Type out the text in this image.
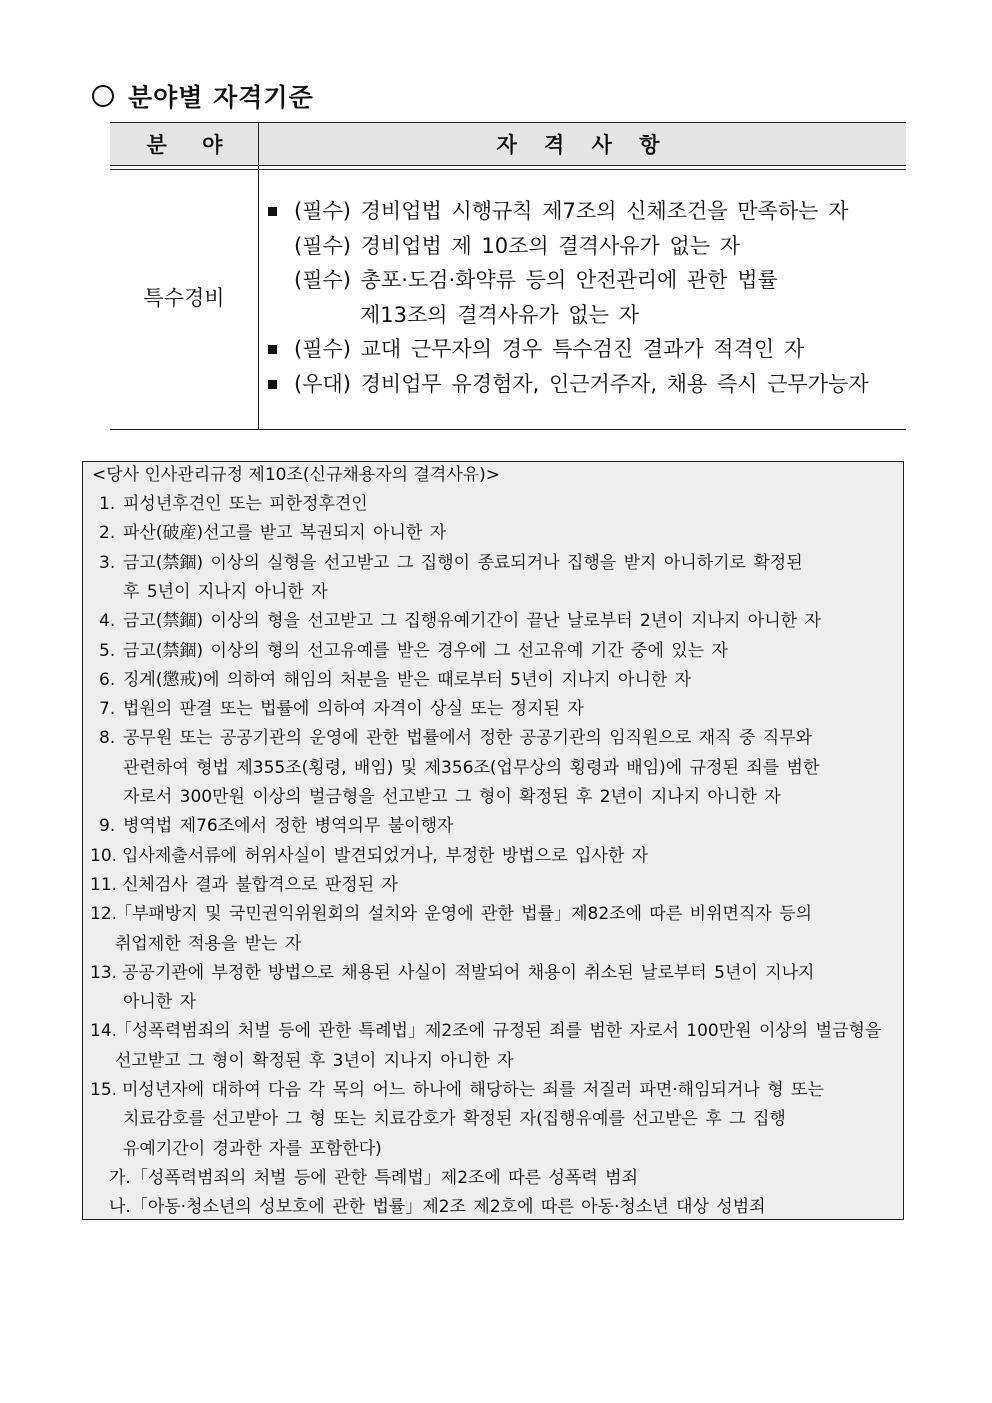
분야별 자격기준
분 야	자 격 사 항
특수경비
(필수) 경비업법 시행규칙 제7조의 신체조건을 만족하는 자
(필수) 경비업법 제 10조의 결격사유가 없는 자
(필수) 총포·도검·화약류 등의 안전관리에 관한 법률
제13조의 결격사유가 없는 자
(필수) 교대 근무자의 경우 특수검진 결과가 적격인 자
(우대) 경비업무 유경험자, 인근거주자, 채용 즉시 근무가능자
<당사 인사관리규정 제10조(신규채용자의 결격사유)>
1. 피성년후견인 또는 피한정후견인
2. 파산(破産)선고를 받고 복권되지 아니한 자
3. 금고(禁錮) 이상의 실형을 선고받고 그 집행이 종료되거나 집행을 받지 아니하기로 확정된
후 5년이 지나지 아니한 자
4. 금고(禁錮) 이상의 형을 선고받고 그 집행유예기간이 끝난 날로부터 2년이 지나지 아니한 자
5. 금고(禁錮) 이상의 형의 선고유예를 받은 경우에 그 선고유예 기간 중에 있는 자
6. 징계(懲戒)에 의하여 해임의 처분을 받은 때로부터 5년이 지나지 아니한 자
7. 법원의 판결 또는 법률에 의하여 자격이 상실 또는 정지된 자
8. 공무원 또는 공공기관의 운영에 관한 법률에서 정한 공공기관의 임직원으로 재직 중 직무와
관련하여 형법 제355조(횡령, 배임) 및 제356조(업무상의 횡령과 배임)에 규정된 죄를 범한
자로서 300만원 이상의 벌금형을 선고받고 그 형이 확정된 후 2년이 지나지 아니한 자
9. 병역법 제76조에서 정한 병역의무 불이행자
10. 입사제출서류에 허위사실이 발견되었거나, 부정한 방법으로 입사한 자
11. 신체검사 결과 불합격으로 판정된 자
12.「부패방지 및 국민권익위원회의 설치와 운영에 관한 법률」제82조에 따른 비위면직자 등의
취업제한 적용을 받는 자
13. 공공기관에 부정한 방법으로 채용된 사실이 적발되어 채용이 취소된 날로부터 5년이 지나지
아니한 자
14.「성폭력범죄의 처벌 등에 관한 특례법」제2조에 규정된 죄를 범한 자로서 100만원 이상의 벌금형을
선고받고 그 형이 확정된 후 3년이 지나지 아니한 자
15. 미성년자에 대하여 다음 각 목의 어느 하나에 해당하는 죄를 저질러 파면·해임되거나 형 또는
치료감호를 선고받아 그 형 또는 치료감호가 확정된 자(집행유예를 선고받은 후 그 집행
유예기간이 경과한 자를 포함한다)
가.「성폭력범죄의 처벌 등에 관한 특례법」제2조에 따른 성폭력 범죄
나.「아동·청소년의 성보호에 관한 법률」제2조 제2호에 따른 아동·청소년 대상 성범죄
